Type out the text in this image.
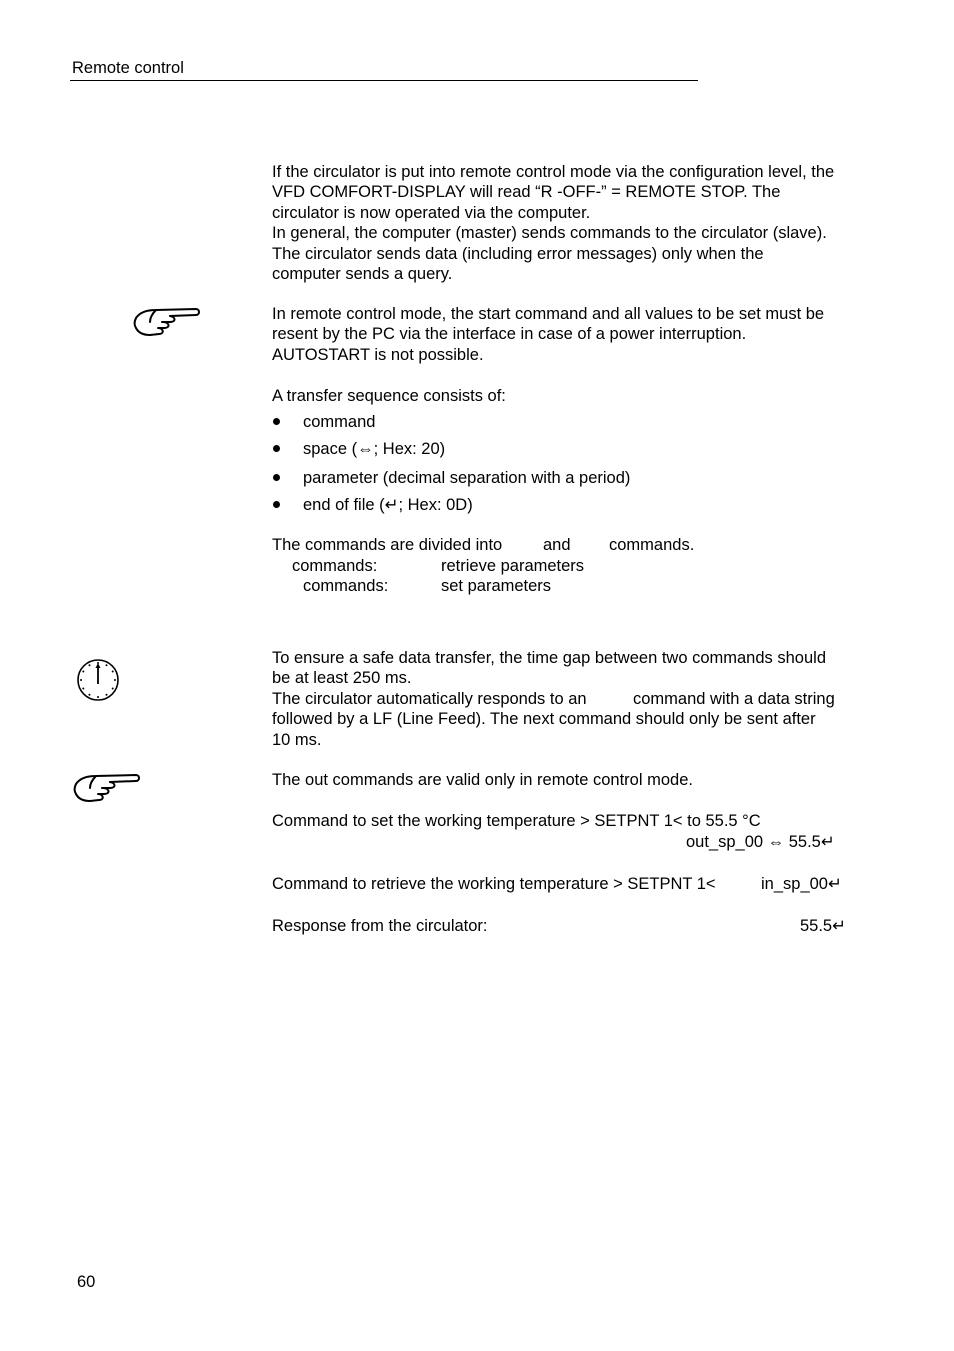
Remote control
If the circulator is put into remote control mode via the configuration level, the
VFD COMFORT-DISPLAY will read “R -OFF-” = REMOTE STOP. The
circulator is now operated via the computer.
In general, the computer (master) sends commands to the circulator (slave).
The circulator sends data (including error messages) only when the
computer sends a query.
In remote control mode, the start command and all values to be set must be
resent by the PC via the interface in case of a power interruption.
AUTOSTART is not possible.
A transfer sequence consists of:
command
space (⇔; Hex: 20)
parameter (decimal separation with a period)
end of file (↵; Hex: 0D)
The commands are divided into and commands.
commands:	retrieve parameters
commands:	set parameters
To ensure a safe data transfer, the time gap between two commands should
be at least 250 ms.
The circulator automatically responds to an	command with a data string
followed by a LF (Line Feed). The next command should only be sent after
10 ms.
The out commands are valid only in remote control mode.
Command to set the working temperature > SETPNT 1< to 55.5 °C
out_sp_00 ⇔ 55.5↵
Command to retrieve the working temperature > SETPNT 1<	in_sp_00↵
Response from the circulator:	55.5↵
60
